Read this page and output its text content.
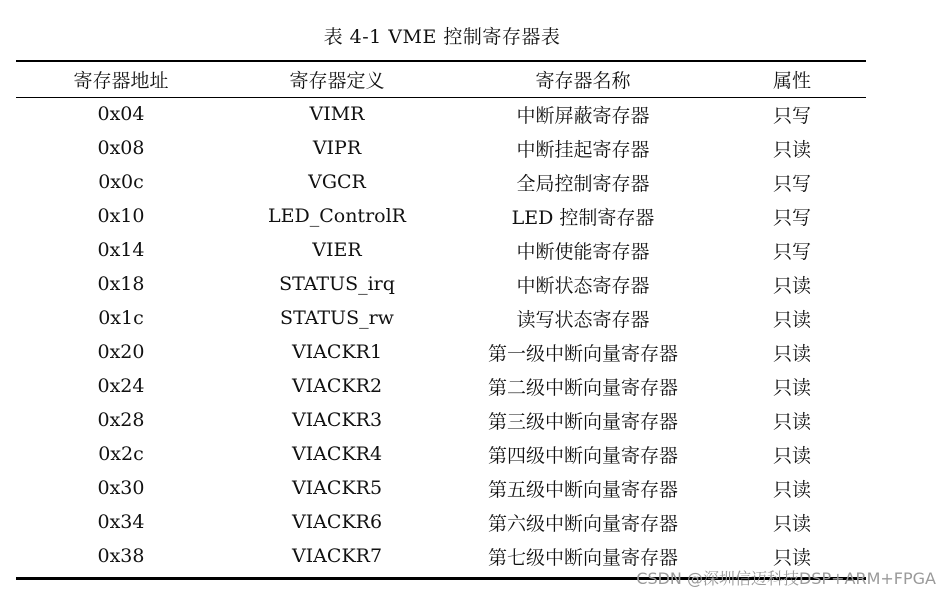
表 4-1 VME 控制寄存器表
寄存器地址	寄存器定义	寄存器名称	属性
0x04	VIMR	中断屏蔽寄存器	只写
0x08	VIPR	中断挂起寄存器	只读
0x0c	VGCR	全局控制寄存器	只写
0x10	LED_ControlR	LED 控制寄存器	只写
0x14	VIER	中断使能寄存器	只写
0x18	STATUS_irq	中断状态寄存器	只读
0x1c	STATUS_rw	读写状态寄存器	只读
0x20	VIACKR1	第一级中断向量寄存器	只读
0x24	VIACKR2	第二级中断向量寄存器	只读
0x28	VIACKR3	第三级中断向量寄存器	只读
0x2c	VIACKR4	第四级中断向量寄存器	只读
0x30	VIACKR5	第五级中断向量寄存器	只读
0x34	VIACKR6	第六级中断向量寄存器	只读
0x38	VIACKR7	第七级中断向量寄存器	只读
CSDN @深圳信迈科技DSP+ARM+FPGA
